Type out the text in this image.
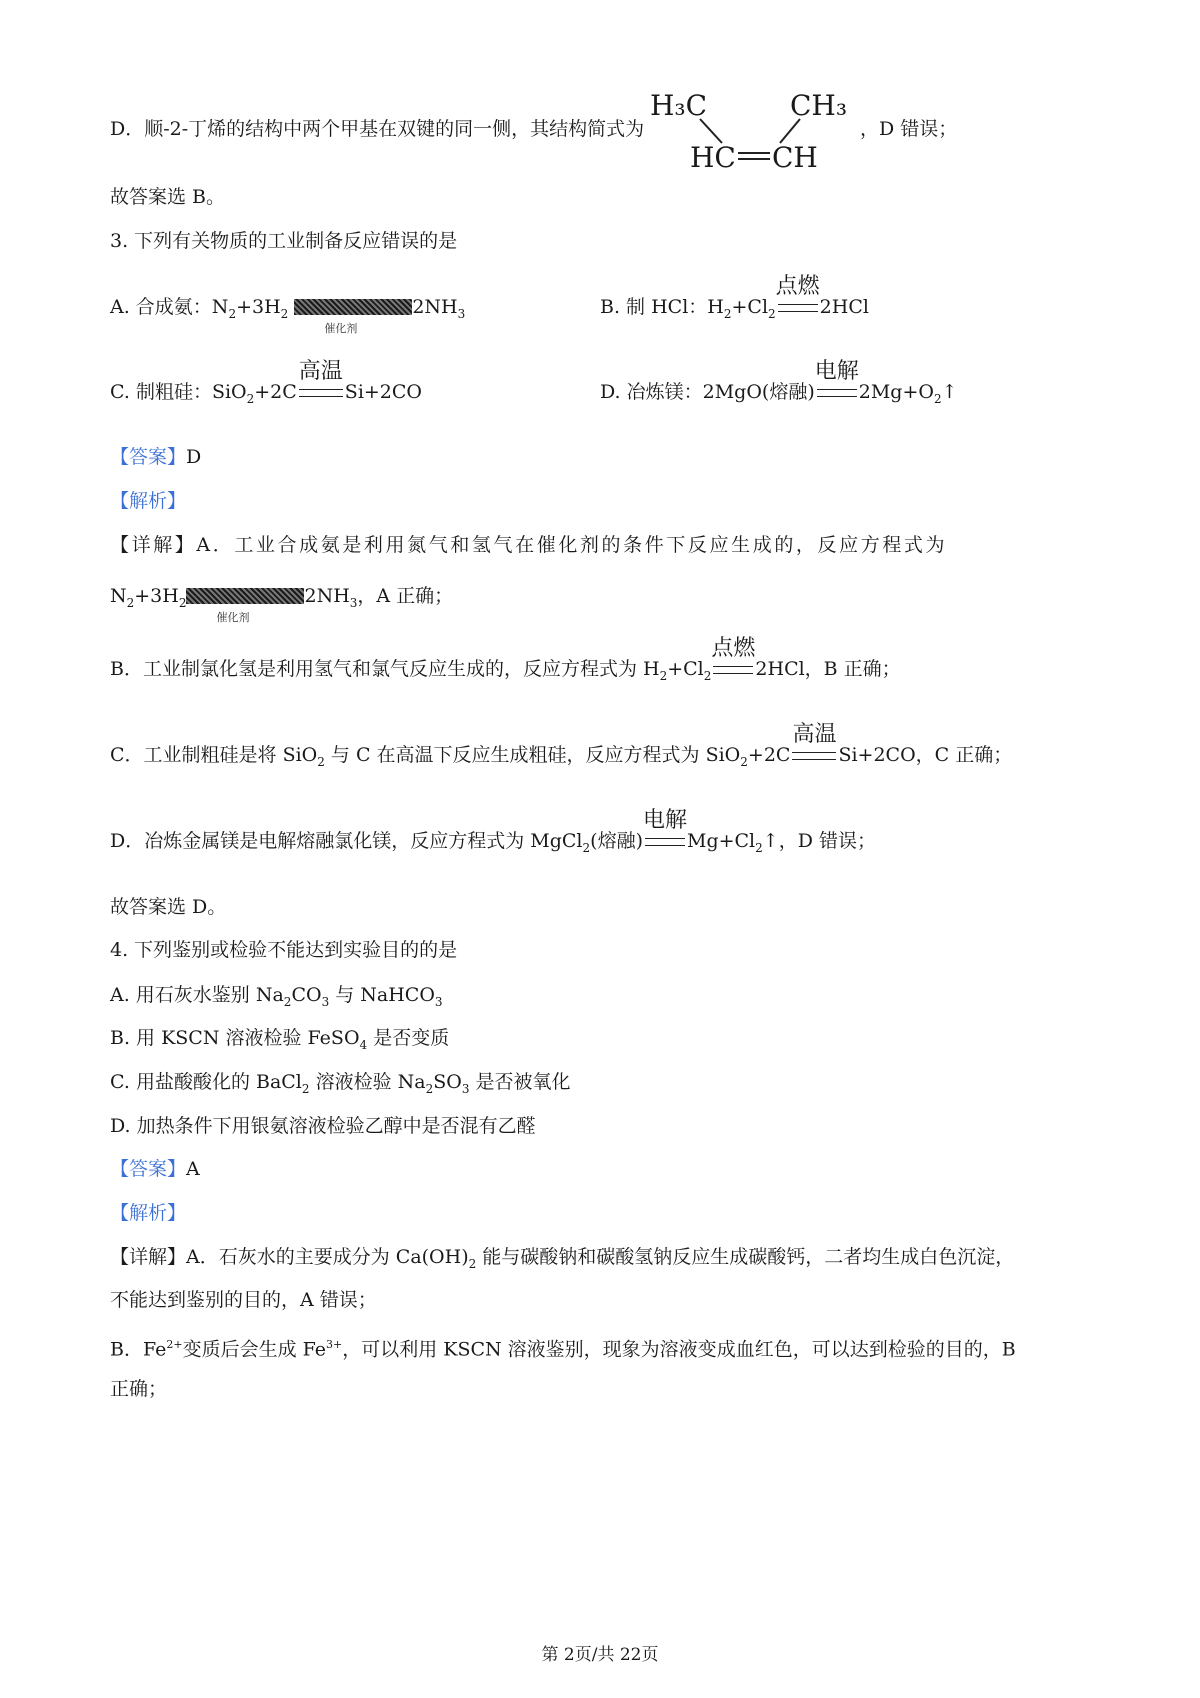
D．顺-2-丁烯的结构中两个甲基在双键的同一侧，其结构简式为
H₃C	CH₃
HC CH
，D 错误；
故答案选 B。
3. 下列有关物质的工业制备反应错误的是
A. 合成氨：$N_2+3H_2$
催化剂
$2NH_3$	B. 制 HCl：$H_2+Cl_2$
点燃
2HCl
C. 制粗硅：SiO$_2$+2C
高温
Si+2CO	D. 冶炼镁：2MgO(熔融)
电解
$2Mg+O_2↑$
【答案】D
【解析】
【详解】A．工业合成氨是利用氮气和氢气在催化剂的条件下反应生成的，反应方程式为
$N_2+3H_2$
催化剂
$2NH_3$，A 正确；
B．工业制氯化氢是利用氢气和氯气反应生成的，反应方程式为 $H_2+Cl_2$
点燃
2HCl，B 正确；
C．工业制粗硅是将 SiO$_2$ 与 C 在高温下反应生成粗硅，反应方程式为 SiO$_2$+2C
高温
Si+2CO，C 正确；
D．冶炼金属镁是电解熔融氯化镁，反应方程式为 MgCl$_2$(熔融)
电解
$Mg+Cl_2↑$，D 错误；
故答案选 D。
4. 下列鉴别或检验不能达到实验目的的是
A. 用石灰水鉴别 $Na_2CO_3$ 与 NaHCO$_3$
B. 用 KSCN 溶液检验 FeSO$_4$ 是否变质
C. 用盐酸酸化的 BaCl$_2$ 溶液检验 $Na_2SO_3$ 是否被氧化
D. 加热条件下用银氨溶液检验乙醇中是否混有乙醛
【答案】A
【解析】
【详解】A．石灰水的主要成分为 $Ca(OH)_2$ 能与碳酸钠和碳酸氢钠反应生成碳酸钙，二者均生成白色沉淀，
不能达到鉴别的目的，A 错误；
B．$Fe^{2+}$变质后会生成 $Fe^{3+}$，可以利用 KSCN 溶液鉴别，现象为溶液变成血红色，可以达到检验的目的，B
正确；
第 2页/共 22页
